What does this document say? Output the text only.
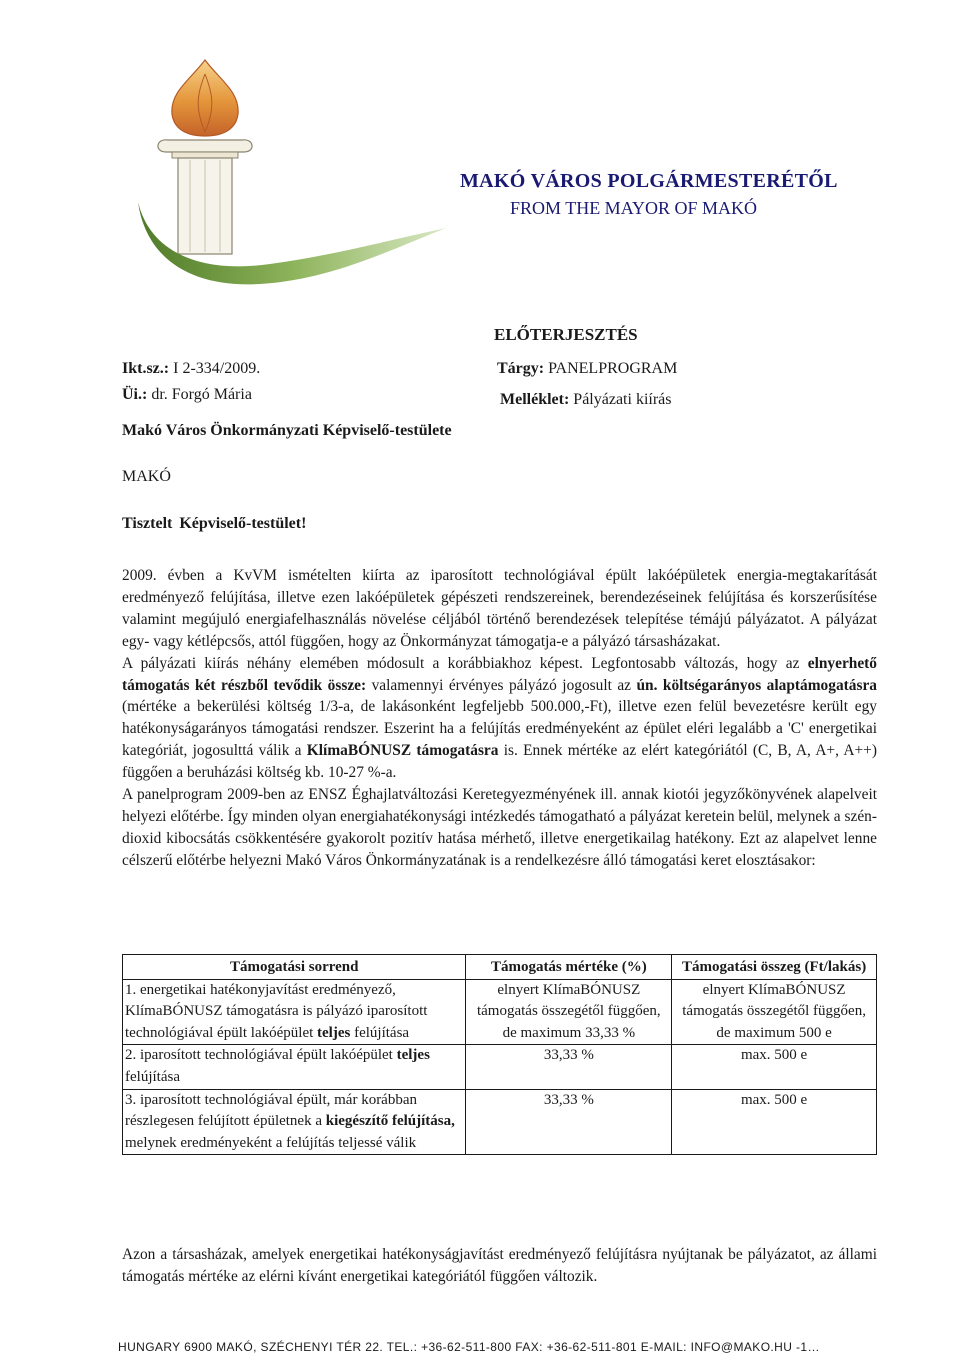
MAKÓ VÁROS POLGÁRMESTERÉTŐL
FROM THE MAYOR OF MAKÓ
ELŐTERJESZTÉS
Ikt.sz.: I 2-334/2009.
Üi.: dr. Forgó Mária
Tárgy: PANELPROGRAM
Melléklet: Pályázati kiírás
Makó Város Önkormányzati Képviselő-testülete
MAKÓ
Tisztelt Képviselő-testület!

2009. évben a KvVM ismételten kiírta az iparosított technológiával épült lakóépületek energia-megtakarítását eredményező felújítása, illetve ezen lakóépületek gépészeti rendszereinek, berendezéseinek felújítása és korszerűsítése valamint megújuló energiafelhasználás növelése céljából történő berendezések telepítése témájú pályázatot. A pályázat egy- vagy kétlépcsős, attól függően, hogy az Önkormányzat támogatja-e a pályázó társasházakat.

A pályázati kiírás néhány elemében módosult a korábbiakhoz képest. Legfontosabb változás, hogy az elnyerhető támogatás két részből tevődik össze: valamennyi érvényes pályázó jogosult az ún. költségarányos alaptámogatásra (mértéke a bekerülési költség 1/3-a, de lakásonként legfeljebb 500.000,-Ft), illetve ezen felül bevezetésre került egy hatékonyságarányos támogatási rendszer. Eszerint ha a felújítás eredményeként az épület eléri legalább a 'C' energetikai kategóriát, jogosulttá válik a KlímaBÓNUSZ támogatásra is. Ennek mértéke az elért kategóriától (C, B, A, A+, A++) függően a beruházási költség kb. 10-27 %-a.

A panelprogram 2009-ben az ENSZ Éghajlatváltozási Keretegyezményének ill. annak kiotói jegyzőkönyvének alapelveit helyezi előtérbe. Így minden olyan energiahatékonysági intézkedés támogatható a pályázat keretein belül, melynek a szén-dioxid kibocsátás csökkentésére gyakorolt pozitív hatása mérhető, illetve energetikailag hatékony. Ezt az alapelvet lenne célszerű előtérbe helyezni Makó Város Önkormányzatának is a rendelkezésre álló támogatási keret elosztásakor:

Támogatási sorrend	Támogatás mértéke (%)	Támogatási összeg (Ft/lakás)
1. energetikai hatékonyjavítást eredményező, KlímaBÓNUSZ támogatásra is pályázó iparosított technológiával épült lakóépület teljes felújítása	elnyert KlímaBÓNUSZ támogatás összegétől függően, de maximum 33,33 %	elnyert KlímaBÓNUSZ támogatás összegétől függően, de maximum 500 e
2. iparosított technológiával épült lakóépület teljes felújítása	33,33 %	max. 500 e
3. iparosított technológiával épült, már korábban részlegesen felújított épületnek a kiegészítő felújítása, melynek eredményeként a felújítás teljessé válik	33,33 %	max. 500 e
Azon a társasházak, amelyek energetikai hatékonyságjavítást eredményező felújításra nyújtanak be pályázatot, az állami támogatás mértéke az elérni kívánt energetikai kategóriától függően változik.
HUNGARY 6900 MAKÓ, SZÉCHENYI TÉR 22. TEL.: +36-62-511-800 FAX: +36-62-511-801 E-MAIL: INFO@MAKO.HU -1…
